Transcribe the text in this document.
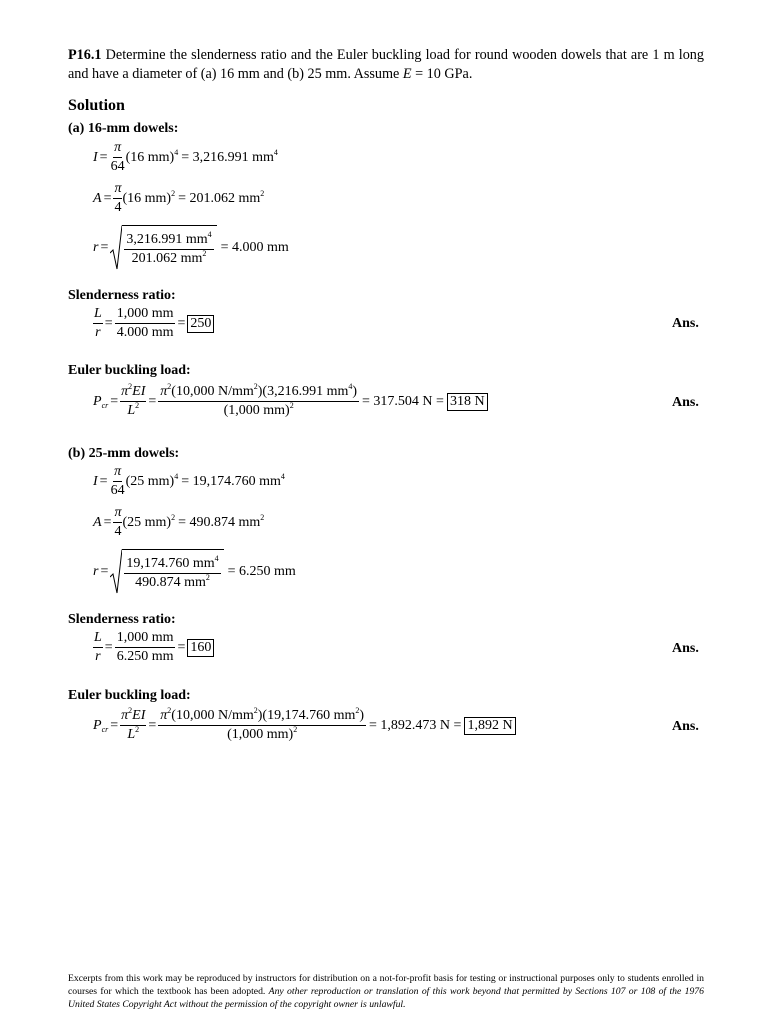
P16.1 Determine the slenderness ratio and the Euler buckling load for round wooden dowels that are 1 m long and have a diameter of (a) 16 mm and (b) 25 mm. Assume E = 10 GPa.

Solution
(a) 16-mm dowels:
$I = \frac{\pi}{64} (16$ mm)$^4$ = 3,216.991 $mm^4$
$A = \frac{\pi}{4} (16$ mm)$^2$ = 201.062 $mm^2$
$r = \frac{3,216.991 mm^4}{201.062 mm^2} = 4.000$ mm
Slenderness ratio:
$\frac{L}{r} = \frac{1,000 mm}{4.000 mm} = 250$	Ans.
Euler buckling load:
$P_{cr} = \frac{\pi^2EI}{L^2} = \frac{\pi^2(10,000 N/mm^2)(3,216.991 mm^4)}{(1,000 mm)^2} = 317.504$ N = 318 N	Ans.
(b) 25-mm dowels:
$I = \frac{\pi}{64} (25$ mm)$^4$ = 19,174.760 $mm^4$
$A = \frac{\pi}{4} (25$ mm)$^2$ = 490.874 $mm^2$
$r = \frac{19,174.760 mm^4}{490.874 mm^2} = 6.250$ mm
Slenderness ratio:
$\frac{L}{r} = \frac{1,000 mm}{6.250 mm} = 160$	Ans.
Euler buckling load:
$P_{cr} = \frac{\pi^2EI}{L^2} = \frac{\pi^2(10,000 N/mm^2)(19,174.760 mm^2)}{(1,000 mm)^2} = 1,892.473$ N = 1,892 N	Ans.

Excerpts from this work may be reproduced by instructors for distribution on a not-for-profit basis for testing or instructional purposes only to students enrolled in courses for which the textbook has been adopted. Any other reproduction or translation of this work beyond that permitted by Sections 107 or 108 of the 1976 United States Copyright Act without the permission of the copyright owner is unlawful.
